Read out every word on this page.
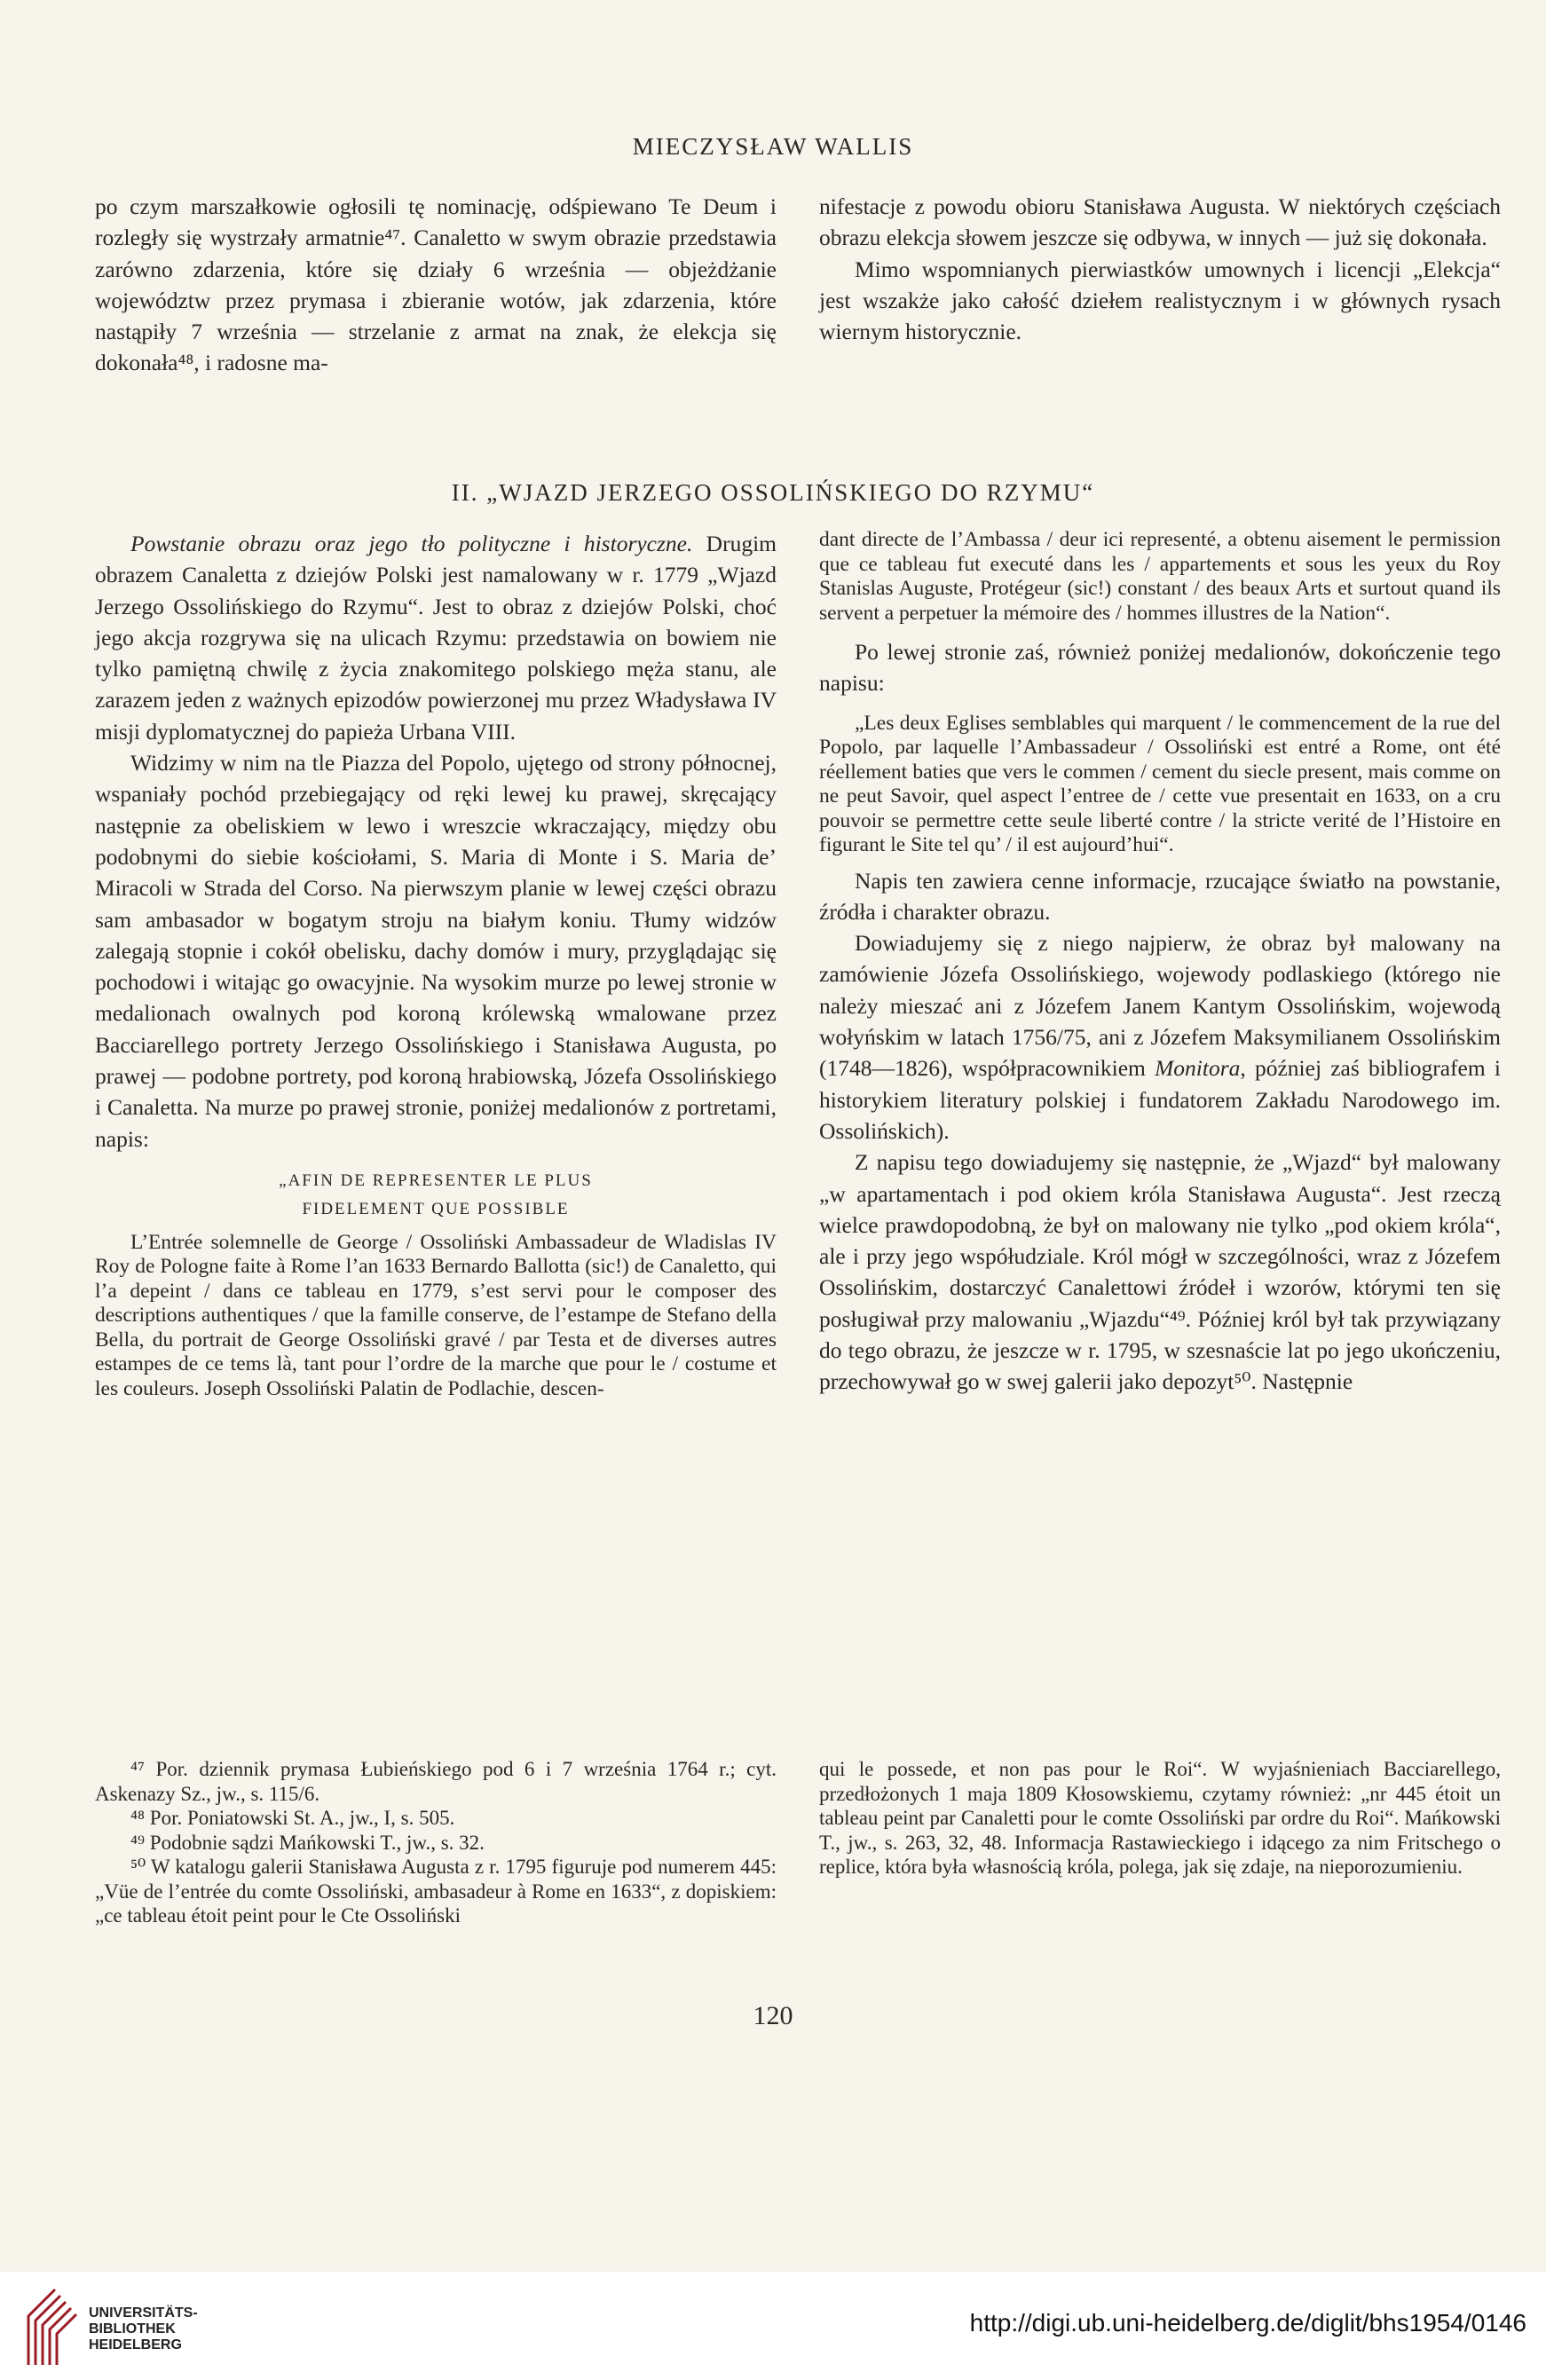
MIECZYSŁAW WALLIS

po czym marszałkowie ogłosili tę nominację, odśpiewano Te Deum i rozległy się wystrzały armatnie⁴⁷. Canaletto w swym obrazie przedstawia zarówno zdarzenia, które się działy 6 września — objeżdżanie województw przez prymasa i zbieranie wotów, jak zdarzenia, które nastąpiły 7 września — strzelanie z armat na znak, że elekcja się dokonała⁴⁸, i radosne ma-

nifestacje z powodu obioru Stanisława Augusta. W niektórych częściach obrazu elekcja słowem jeszcze się odbywa, w innych — już się dokonała.

Mimo wspomnianych pierwiastków umownych i licencji „Elekcja“ jest wszakże jako całość dziełem realistycznym i w głównych rysach wiernym historycznie.

II. „WJAZD JERZEGO OSSOLIŃSKIEGO DO RZYMU“

Powstanie obrazu oraz jego tło polityczne i historyczne. Drugim obrazem Canaletta z dziejów Polski jest namalowany w r. 1779 „Wjazd Jerzego Ossolińskiego do Rzymu“. Jest to obraz z dziejów Polski, choć jego akcja rozgrywa się na ulicach Rzymu: przedstawia on bowiem nie tylko pamiętną chwilę z życia znakomitego polskiego męża stanu, ale zarazem jeden z ważnych epizodów powierzonej mu przez Władysława IV misji dyplomatycznej do papieża Urbana VIII.

Widzimy w nim na tle Piazza del Popolo, ujętego od strony północnej, wspaniały pochód przebiegający od ręki lewej ku prawej, skręcający następnie za obeliskiem w lewo i wreszcie wkraczający, między obu podobnymi do siebie kościołami, S. Maria di Monte i S. Maria de’ Miracoli w Strada del Corso. Na pierwszym planie w lewej części obrazu sam ambasador w bogatym stroju na białym koniu. Tłumy widzów zalegają stopnie i cokół obelisku, dachy domów i mury, przyglądając się pochodowi i witając go owacyjnie. Na wysokim murze po lewej stronie w medalionach owalnych pod koroną królewską wmalowane przez Bacciarellego portrety Jerzego Ossolińskiego i Stanisława Augusta, po prawej — podobne portrety, pod koroną hrabiowską, Józefa Ossolińskiego i Canaletta. Na murze po prawej stronie, poniżej medalionów z portretami, napis:

„AFIN DE REPRESENTER LE PLUS
FIDELEMENT QUE POSSIBLE

L’Entrée solemnelle de George / Ossoliński Ambassadeur de Wladislas IV Roy de Pologne faite à Rome l’an 1633 Bernardo Ballotta (sic!) de Canaletto, qui l’a depeint / dans ce tableau en 1779, s’est servi pour le composer des descriptions authentiques / que la famille conserve, de l’estampe de Stefano della Bella, du portrait de George Ossoliński gravé / par Testa et de diverses autres estampes de ce tems là, tant pour l’ordre de la marche que pour le / costume et les couleurs. Joseph Ossoliński Palatin de Podlachie, descen-

dant directe de l’Ambassa / deur ici representé, a obtenu aisement le permission que ce tableau fut executé dans les / appartements et sous les yeux du Roy Stanislas Auguste, Protégeur (sic!) constant / des beaux Arts et surtout quand ils servent a perpetuer la mémoire des / hommes illustres de la Nation“.

Po lewej stronie zaś, również poniżej medalionów, dokończenie tego napisu:

„Les deux Eglises semblables qui marquent / le commencement de la rue del Popolo, par laquelle l’Ambassadeur / Ossoliński est entré a Rome, ont été réellement baties que vers le commen / cement du siecle present, mais comme on ne peut Savoir, quel aspect l’entree de / cette vue presentait en 1633, on a cru pouvoir se permettre cette seule liberté contre / la stricte verité de l’Histoire en figurant le Site tel qu’ / il est aujourd’hui“.

Napis ten zawiera cenne informacje, rzucające światło na powstanie, źródła i charakter obrazu.

Dowiadujemy się z niego najpierw, że obraz był malowany na zamówienie Józefa Ossolińskiego, wojewody podlaskiego (którego nie należy mieszać ani z Józefem Janem Kantym Ossolińskim, wojewodą wołyńskim w latach 1756/75, ani z Józefem Maksymilianem Ossolińskim (1748—1826), współpracownikiem Monitora, później zaś bibliografem i historykiem literatury polskiej i fundatorem Zakładu Narodowego im. Ossolińskich).

Z napisu tego dowiadujemy się następnie, że „Wjazd“ był malowany „w apartamentach i pod okiem króla Stanisława Augusta“. Jest rzeczą wielce prawdopodobną, że był on malowany nie tylko „pod okiem króla“, ale i przy jego współudziale. Król mógł w szczególności, wraz z Józefem Ossolińskim, dostarczyć Canalettowi źródeł i wzorów, którymi ten się posługiwał przy malowaniu „Wjazdu“⁴⁹. Później król był tak przywiązany do tego obrazu, że jeszcze w r. 1795, w szesnaście lat po jego ukończeniu, przechowywał go w swej galerii jako depozyt⁵⁰. Następnie

⁴⁷ Por. dziennik prymasa Łubieńskiego pod 6 i 7 września 1764 r.; cyt. Askenazy Sz., jw., s. 115/6.

⁴⁸ Por. Poniatowski St. A., jw., I, s. 505.

⁴⁹ Podobnie sądzi Mańkowski T., jw., s. 32.

⁵⁰ W katalogu galerii Stanisława Augusta z r. 1795 figuruje pod numerem 445: „Vüe de l’entrée du comte Ossoliński, ambasadeur à Rome en 1633“, z dopiskiem: „ce tableau étoit peint pour le Cte Ossoliński

qui le possede, et non pas pour le Roi“. W wyjaśnieniach Bacciarellego, przedłożonych 1 maja 1809 Kłosowskiemu, czytamy również: „nr 445 étoit un tableau peint par Canaletti pour le comte Ossoliński par ordre du Roi“. Mańkowski T., jw., s. 263, 32, 48. Informacja Rastawieckiego i idącego za nim Fritschego o replice, która była własnością króla, polega, jak się zdaje, na nieporozumieniu.

120
UNIVERSITÄTS-
BIBLIOTHEK
HEIDELBERG
http://digi.ub.uni-heidelberg.de/diglit/bhs1954/0146
